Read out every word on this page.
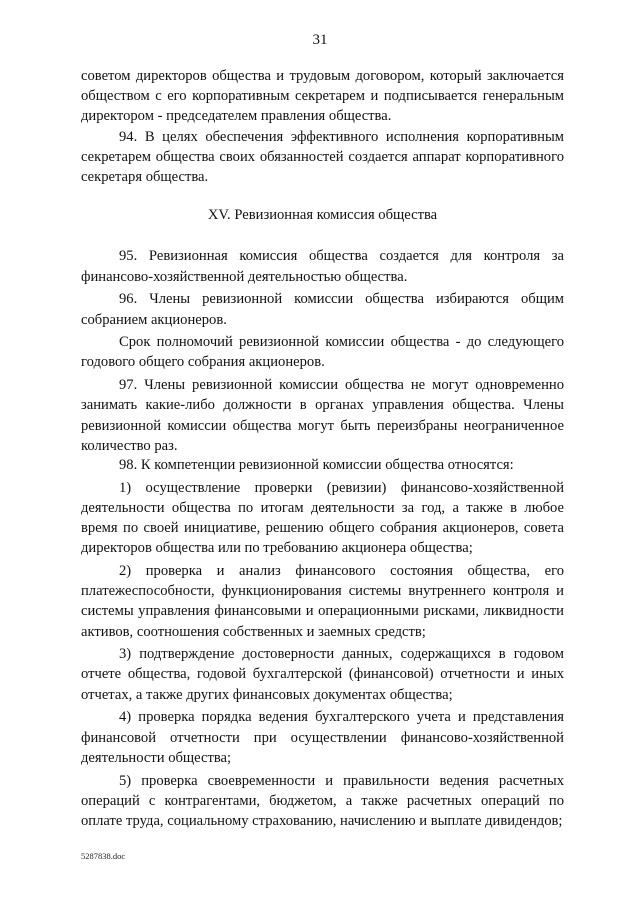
31

советом директоров общества и трудовым договором, который заключается обществом с его корпоративным секретарем и подписывается генеральным директором - председателем правления общества.

94. В целях обеспечения эффективного исполнения корпоративным секретарем общества своих обязанностей создается аппарат корпоративного секретаря общества.

XV. Ревизионная комиссия общества

95. Ревизионная комиссия общества создается для контроля за финансово-хозяйственной деятельностью общества.

96. Члены ревизионной комиссии общества избираются общим собранием акционеров.

Срок полномочий ревизионной комиссии общества - до следующего годового общего собрания акционеров.

97. Члены ревизионной комиссии общества не могут одновременно занимать какие-либо должности в органах управления общества. Члены ревизионной комиссии общества могут быть переизбраны неограниченное количество раз.

98. К компетенции ревизионной комиссии общества относятся:

1) осуществление проверки (ревизии) финансово-хозяйственной деятельности общества по итогам деятельности за год, а также в любое время по своей инициативе, решению общего собрания акционеров, совета директоров общества или по требованию акционера общества;

2) проверка и анализ финансового состояния общества, его платежеспособности, функционирования системы внутреннего контроля и системы управления финансовыми и операционными рисками, ликвидности активов, соотношения собственных и заемных средств;

3) подтверждение достоверности данных, содержащихся в годовом отчете общества, годовой бухгалтерской (финансовой) отчетности и иных отчетах, а также других финансовых документах общества;

4) проверка порядка ведения бухгалтерского учета и представления финансовой отчетности при осуществлении финансово-хозяйственной деятельности общества;

5) проверка своевременности и правильности ведения расчетных операций с контрагентами, бюджетом, а также расчетных операций по оплате труда, социальному страхованию, начислению и выплате дивидендов;

5287838.doc
